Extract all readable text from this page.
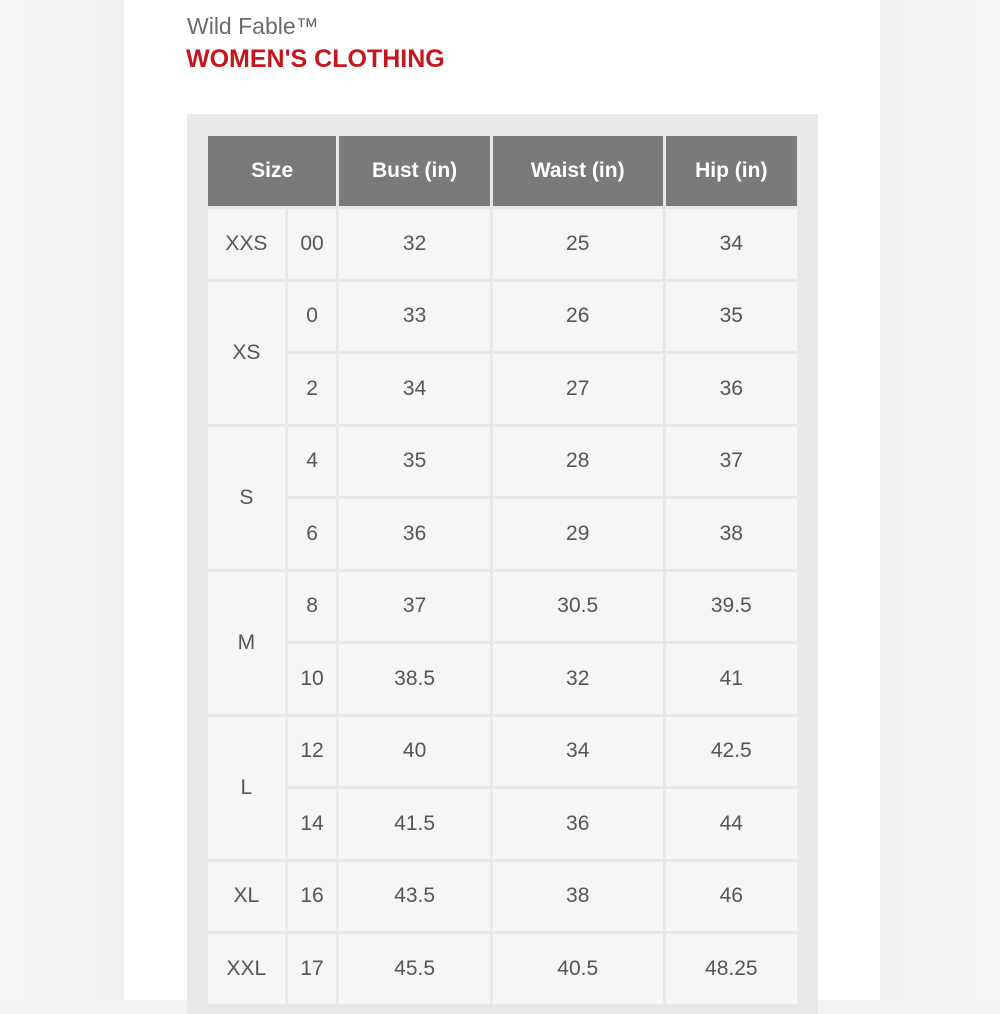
Wild Fable™
WOMEN'S CLOTHING
Size		Bust (in)	Waist (in)	Hip (in)
XXS	00	32	25	34
XS	0	33	26	35
	2	34	27	36
S	4	35	28	37
	6	36	29	38
M	8	37	30.5	39.5
	10	38.5	32	41
L	12	40	34	42.5
	14	41.5	36	44
XL	16	43.5	38	46
XXL	17	45.5	40.5	48.25
